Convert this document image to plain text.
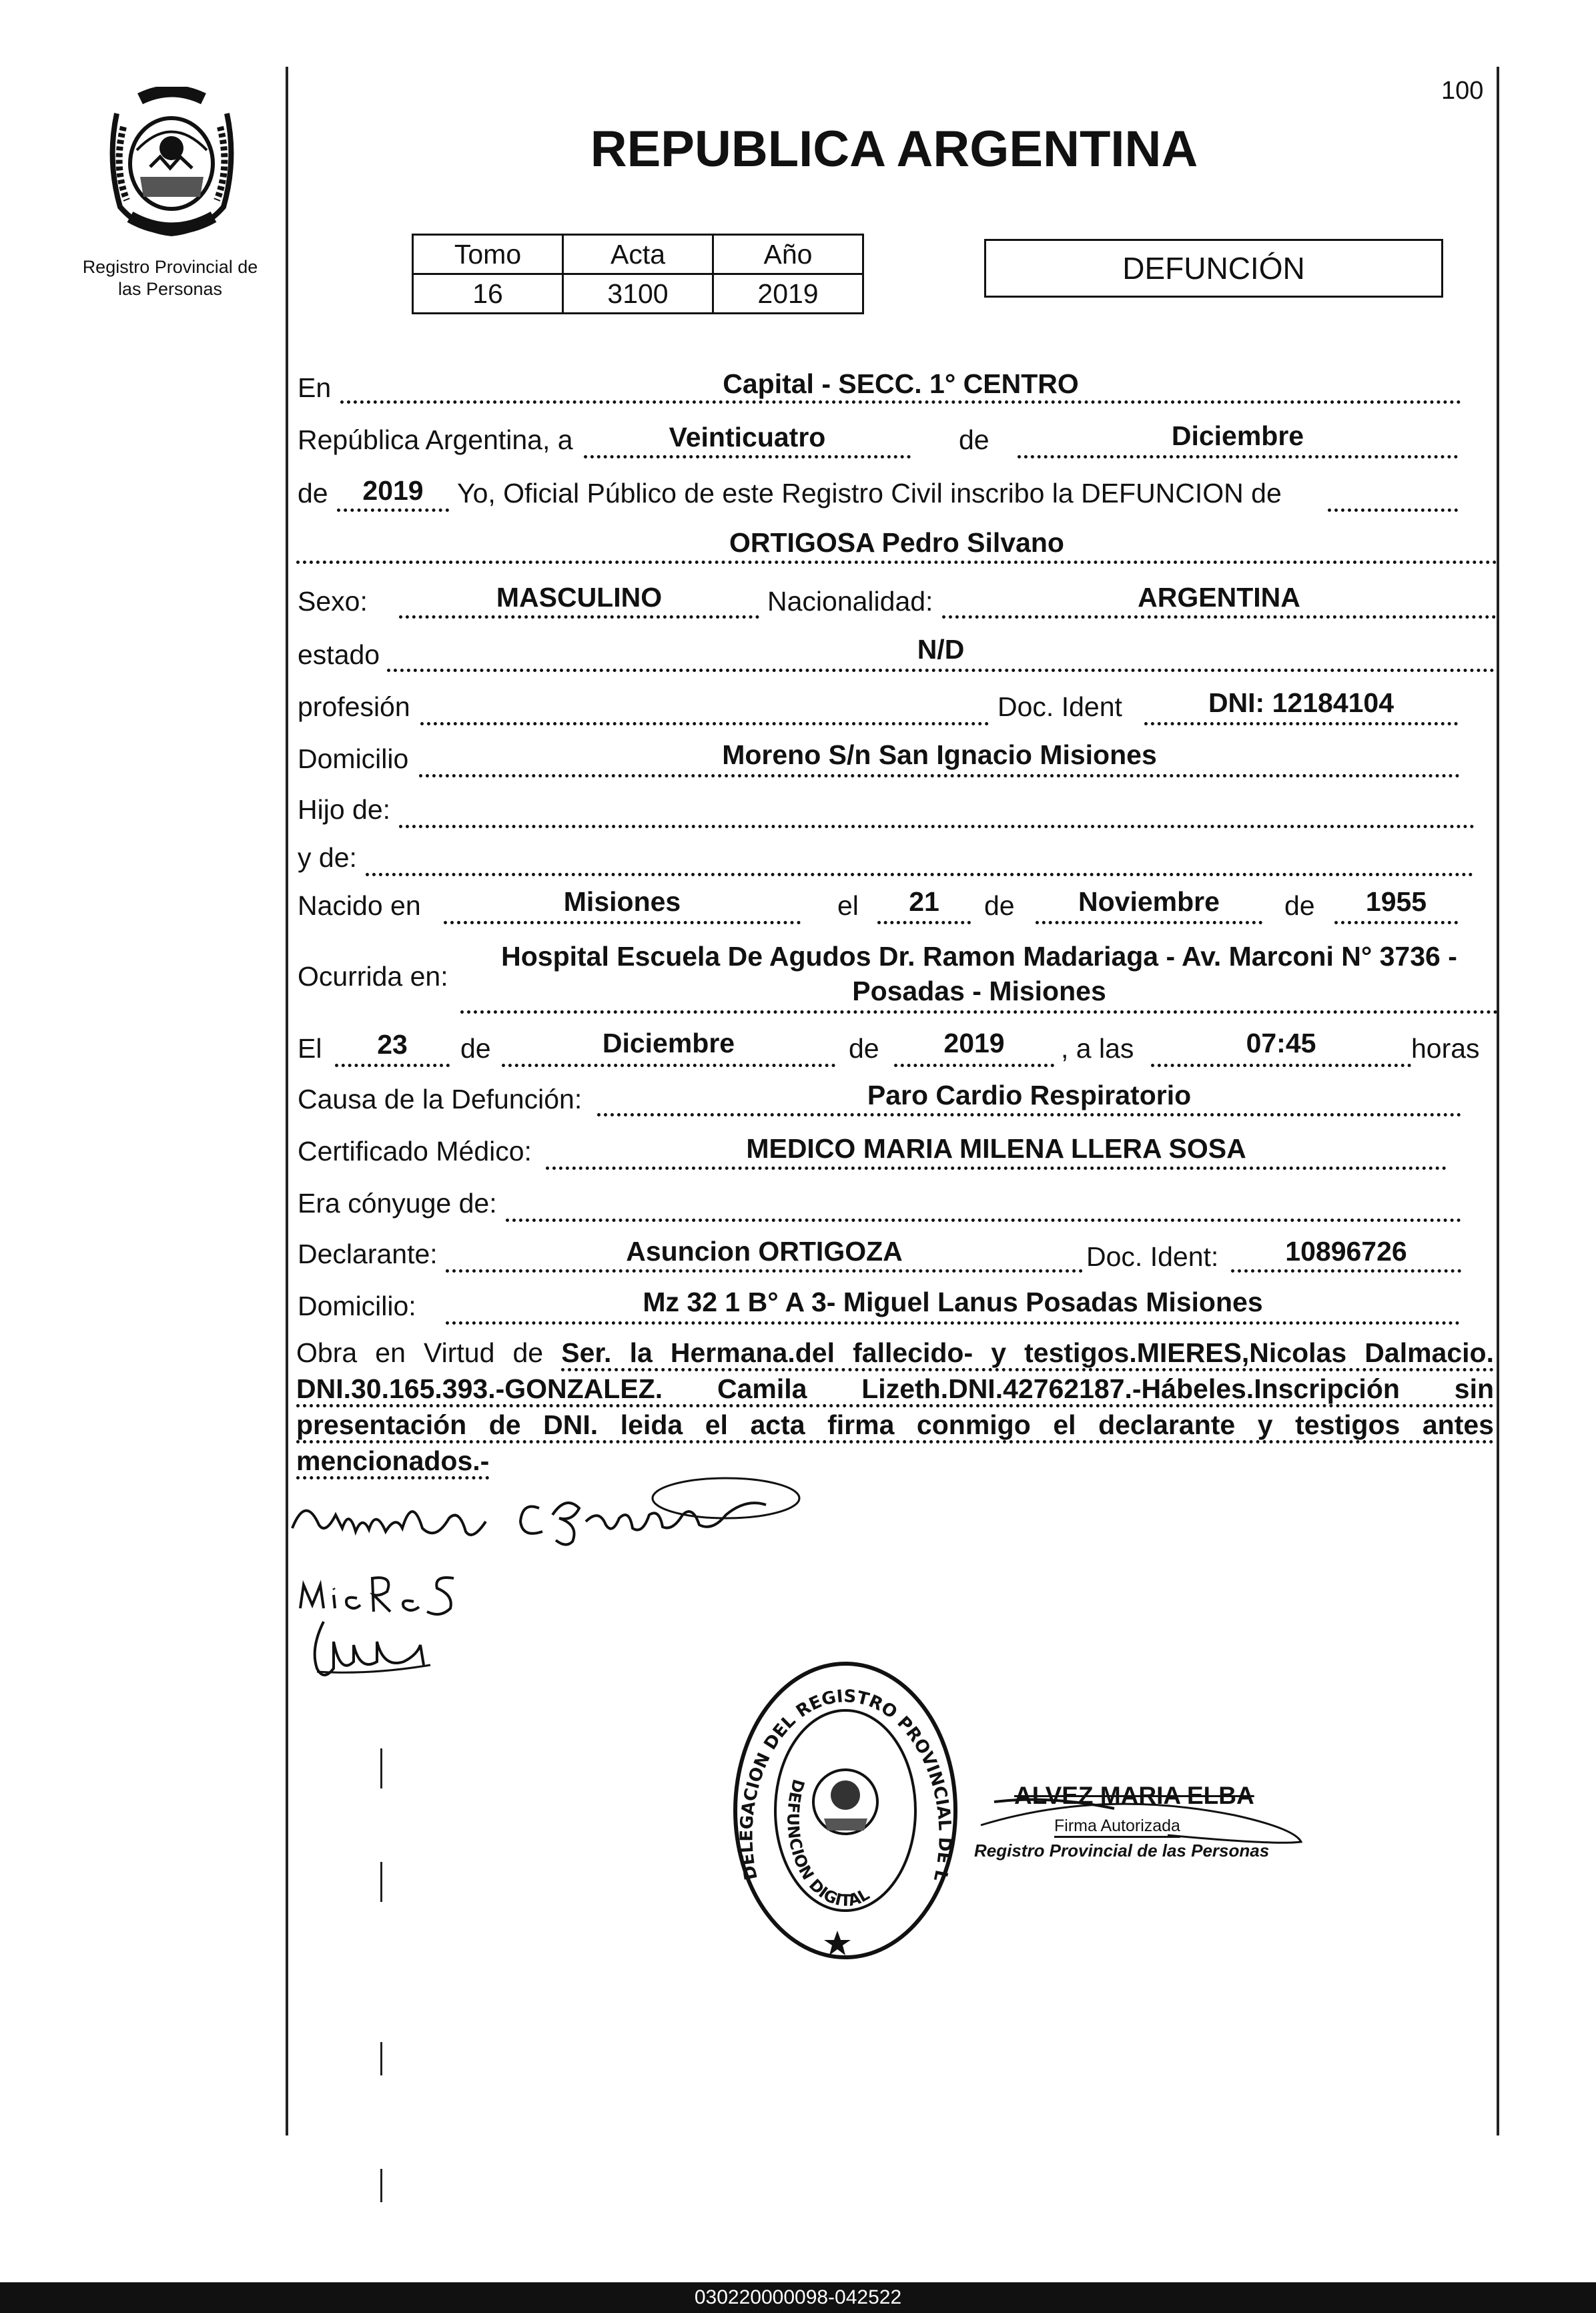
100
Registro Provincial de
las Personas
REPUBLICA ARGENTINA
Tomo	Acta	Año
16	3100	2019
DEFUNCIÓN
En	Capital - SECC. 1° CENTRO
República Argentina, a	Veinticuatro	de	Diciembre
de	2019	Yo, Oficial Público de este Registro Civil inscribo la DEFUNCION de
ORTIGOSA Pedro Silvano
Sexo:	MASCULINO	Nacionalidad:	ARGENTINA
estado	N/D
profesión	Doc. Ident	DNI: 12184104
Domicilio	Moreno S/n San Ignacio Misiones
Hijo de:
y de:
Nacido en	Misiones	el	21	de	Noviembre	de	1955
Ocurrida en:
Hospital Escuela De Agudos Dr. Ramon Madariaga - Av. Marconi N° 3736 -
Posadas - Misiones
El	23	de	Diciembre	de	2019	, a las	07:45	horas
Causa de la Defunción:	Paro Cardio Respiratorio
Certificado Médico:	MEDICO MARIA MILENA LLERA SOSA
Era cónyuge de:
Declarante:	Asuncion ORTIGOZA	Doc. Ident:	10896726
Domicilio:	Mz 32 1 B° A 3- Miguel Lanus Posadas Misiones
Obra en Virtud de Ser. la Hermana.del fallecido- y testigos.MIERES,Nicolas Dalmacio. DNI.30.165.393.-GONZALEZ. Camila Lizeth.DNI.42762187.-Hábeles.Inscripción sin presentación de DNI. leida el acta firma conmigo el declarante y testigos antes mencionados.-
DELEGACION DEL REGISTRO PROVINCIAL DE L
DEFUNCION DIGITAL
ALVEZ MARIA ELBA
Firma Autorizada
Registro Provincial de las Personas
030220000098-042522
